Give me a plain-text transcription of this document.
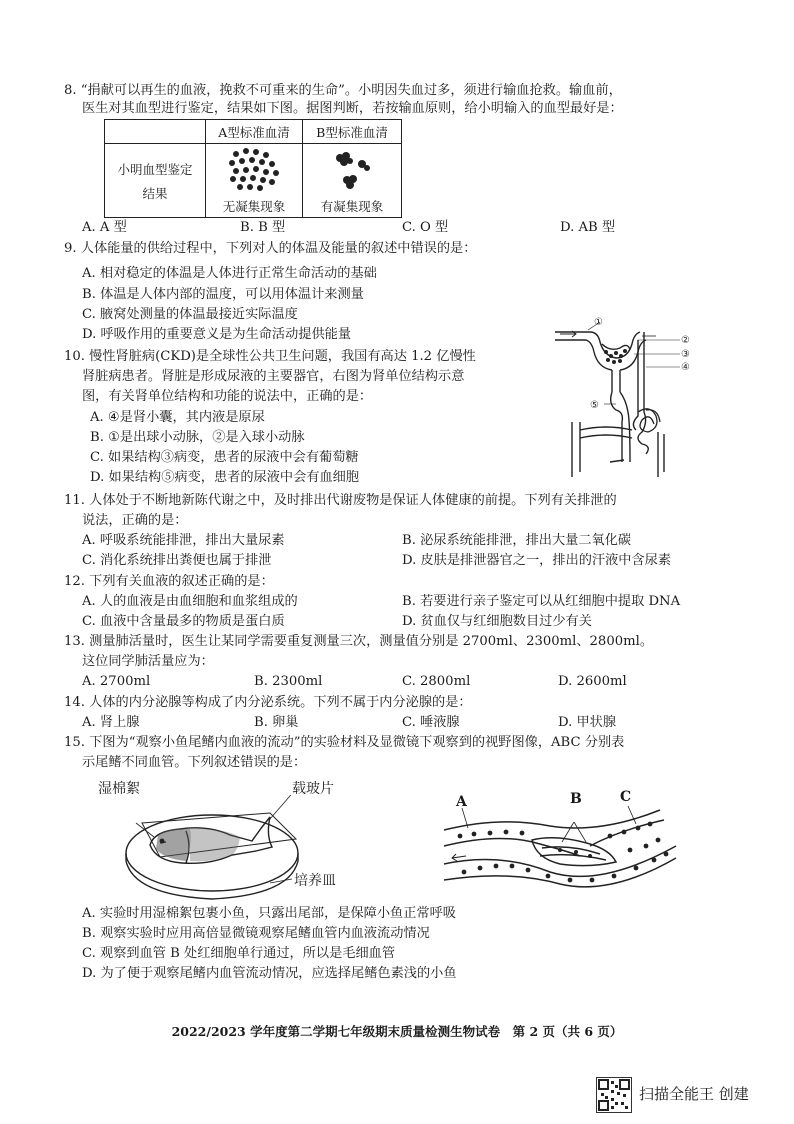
8. “捐献可以再生的血液，挽救不可重来的生命”。小明因失血过多，须进行输血抢救。输血前，
医生对其血型进行鉴定，结果如下图。据图判断，若按输血原则，给小明输入的血型最好是：
	A型标准血清	B型标准血清

小明血型鉴定
结果	无凝集现象	有凝集现象
A. A 型	B. B 型	C. O 型	D. AB 型
9. 人体能量的供给过程中，下列对人的体温及能量的叙述中错误的是：
A. 相对稳定的体温是人体进行正常生命活动的基础
B. 体温是人体内部的温度，可以用体温计来测量
C. 腋窝处测量的体温最接近实际温度
D. 呼吸作用的重要意义是为生命活动提供能量
10. 慢性肾脏病(CKD)是全球性公共卫生问题，我国有高达 1.2 亿慢性
肾脏病患者。肾脏是形成尿液的主要器官，右图为肾单位结构示意
图，有关肾单位结构和功能的说法中，正确的是：
A. ④是肾小囊，其内液是原尿
B. ①是出球小动脉，②是入球小动脉
C. 如果结构③病变，患者的尿液中会有葡萄糖
D. 如果结构⑤病变，患者的尿液中会有血细胞
①
②
③
④
⑤
11. 人体处于不断地新陈代谢之中，及时排出代谢废物是保证人体健康的前提。下列有关排泄的
说法，正确的是：
A. 呼吸系统能排泄，排出大量尿素	B. 泌尿系统能排泄，排出大量二氧化碳
C. 消化系统排出粪便也属于排泄	D. 皮肤是排泄器官之一，排出的汗液中含尿素
12. 下列有关血液的叙述正确的是：
A. 人的血液是由血细胞和血浆组成的	B. 若要进行亲子鉴定可以从红细胞中提取 DNA
C. 血液中含量最多的物质是蛋白质	D. 贫血仅与红细胞数目过少有关
13. 测量肺活量时，医生让某同学需要重复测量三次，测量值分别是 2700ml、2300ml、2800ml。
这位同学肺活量应为：
A. 2700ml	B. 2300ml	C. 2800ml	D. 2600ml
14. 人体的内分泌腺等构成了内分泌系统。下列不属于内分泌腺的是：
A. 肾上腺	B. 卵巢	C. 唾液腺	D. 甲状腺
15. 下图为“观察小鱼尾鳍内血液的流动”的实验材料及显微镜下观察到的视野图像，ABC 分别表
示尾鳍不同血管。下列叙述错误的是：
湿棉絮	载玻片
培养皿
A	B	C
A. 实验时用湿棉絮包裹小鱼，只露出尾部，是保障小鱼正常呼吸
B. 观察实验时应用高倍显微镜观察尾鳍血管内血液流动情况
C. 观察到血管 B 处红细胞单行通过，所以是毛细血管
D. 为了便于观察尾鳍内血管流动情况，应选择尾鳍色素浅的小鱼
2022/2023 学年度第二学期七年级期末质量检测生物试卷　第 2 页（共 6 页）
扫描全能王 创建
